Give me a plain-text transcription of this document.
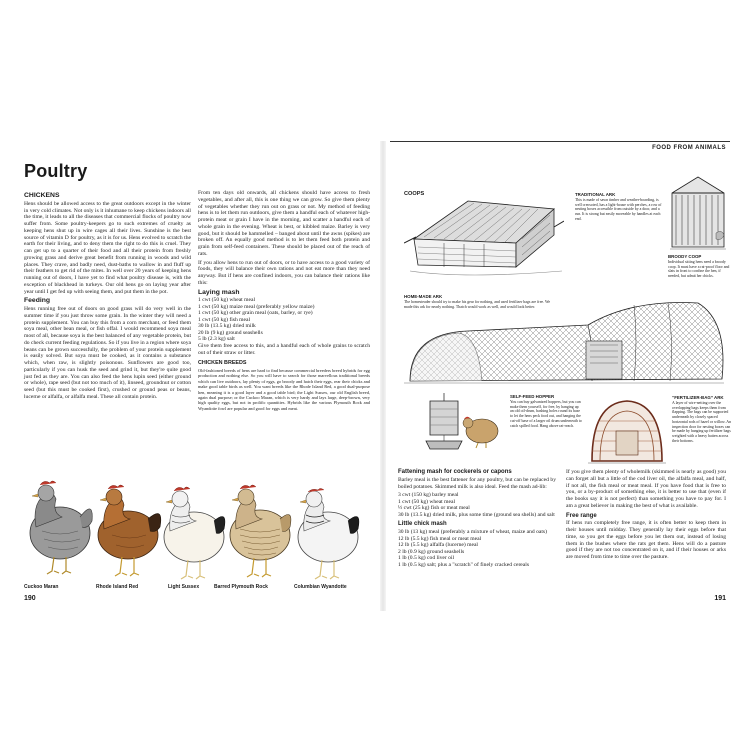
Poultry
CHICKENS

Hens should be allowed access to the great outdoors except in the winter in very cold climates. Not only is it inhumane to keep chickens indoors all the time, it leads to all the diseases that commercial flocks of poultry now suffer from. Some poultry-keepers go to such extremes of cruelty as keeping hens shut up in wire cages all their lives. Sunshine is the best source of vitamin D for poultry, as it is for us. Hens evolved to scratch the earth for their living, and to deny them the right to do this is cruel. They can get up to a quarter of their food and all their protein from freshly growing grass and derive great benefit from running in woods and wild places. They crave, and badly need, dust-baths to wallow in and fluff up their feathers to get rid of the mites. In well over 20 years of keeping hens running out of doors, I have yet to find what poultry disease is, with the exception of blackhead in turkeys. Our old hens go on laying year after year until I get fed up with seeing them, and put them in the pot.

Feeding

Hens running free out of doors on good grass will do very well in the summer time if you just throw some grain. In the winter they will need a protein supplement. You can buy this from a corn merchant, or feed them soya meal, other bean meal, or fish offal. I would recommend soya meal most of all, because soya is the best balanced of any vegetable protein, but do check current feeding regulations. So if you live in a region where soya beans can be grown successfully, the problem of your protein supplement is easily solved. But soya must be cooked, as it contains a substance which, when raw, is slightly poisonous. Sunflowers are good too, particularly if you can husk the seed and grind it, but they're quite good just fed as they are. You can also feed the hens lupin seed (either ground or whole), rape seed (but not too much of it), linseed, groundnut or cotton seed (but this must be cooked first), crushed or ground peas or beans, lucerne or alfalfa, or alfalfa meal. These all contain protein.

From ten days old onwards, all chickens should have access to fresh vegetables, and after all, this is one thing we can grow. So give them plenty of vegetables whether they run out on grass or not. My method of feeding hens is to let them run outdoors, give them a handful each of whatever high-protein meat or grain I have in the morning, and scatter a handful each of whole grain in the evening. Wheat is best, or kibbled maize. Barley is very good, but it should be hammelled – banged about until the awns (spikes) are broken off. An equally good method is to let them feed both protein and grain from self-feed containers. These should be placed out of the reach of rats.

If you allow hens to run out of doors, or to have access to a good variety of foods, they will balance their own rations and not eat more than they need anyway. But if hens are confined indoors, you can balance their rations like this:

Laying mash
1 cwt (50 kg) wheat meal
1 cwt (50 kg) maize meal (preferably yellow maize)
1 cwt (50 kg) other grain meal (oats, barley, or rye)
1 cwt (50 kg) fish meal
30 lb (13.5 kg) dried milk
20 lb (9 kg) ground seashells
5 lb (2.3 kg) salt

Give them free access to this, and a handful each of whole grains to scratch out of their straw or litter.

CHICKEN BREEDS

Old-fashioned breeds of hens are hard to find because commercial breeders breed hybrids for egg production and nothing else. So you will have to search for those marvellous traditional breeds which can live outdoors, lay plenty of eggs, go broody and hatch their eggs, rear their chicks and make good table birds as well. You want breeds like the Rhode Island Red, a good dual-purpose hen, meaning it is a good layer and a good table bird; the Light Sussex, our old English breed, again dual purpose; or the Cuckoo Maran, which is very hardy and lays large, deep-brown, very high quality eggs, but not in prolific quantities. Hybrids like the various Plymouth Rock and Wyandotte fowl are popular and good for eggs and meat.

Cuckoo Maran	Rhode Island Red	Light Sussex	Barred Plymouth Rock	Columbian Wyandotte
190
FOOD FROM ANIMALS
COOPS	TRADITIONAL ARK
This is made of sawn timber and weather-boarding, is well creosoted, has a light-house with perches, a row of nesting boxes accessible from outside by a door, and a run. It is strong but easily moveable by handles at each end.
BROODY COOP
Individual sitting hens need a broody coop. It must have a rat-proof floor and slats in front to confine the hen, if needed, but admit her chicks.
HOME-MADE ARK
The homesteader should try to make his gear for nothing, and used fertilizer bags are free. We made this ark for nearly nothing. Thatch would work as well, and would look better.
SELF-FEED HOPPER
You can buy galvanized hoppers, but you can make them yourself, for free, by hanging up an old oil-drum, bashing holes round its base to let the hens peck food out, and hanging the cut-off base of a larger oil drum underneath to catch spilled food. Hang above rat-reach.
“FERTILIZER-BAG” ARK
A layer of wire-netting over the overlapping bags keeps them from flapping. The bags can be supported underneath by closely spaced horizontal rods of hazel or willow. An inspection door for nesting boxes can be made by hanging up fertilizer bags weighted with a heavy batten across their bottoms.
Fattening mash for cockerels or capons

Barley meal is the best fattener for any poultry, but can be replaced by boiled potatoes. Skimmed milk is also ideal. Feed the mash ad-lib:

3 cwt (150 kg) barley meal
1 cwt (50 kg) wheat meal
½ cwt (25 kg) fish or meat meal
30 lb (13.5 kg) dried milk, plus some time (ground sea shells) and salt
Little chick mash
30 lb (13 kg) meal (preferably a mixture of wheat, maize and oats)
12 lb (5.5 kg) fish meal or meat meal
12 lb (5.5 kg) alfalfa (lucerne) meal
2 lb (0.9 kg) ground seashells
1 lb (0.5 kg) cod liver oil
1 lb (0.5 kg) salt; plus a "scratch" of finely cracked cereals

If you give them plenty of wholemilk (skimmed is nearly as good) you can forget all but a little of the cod liver oil, the alfalfa meal, and half, if not all, the fish meal or meat meal. If you have food that is free to you, or a by-product of something else, it is better to use that (even if the books say it is not perfect) than something you have to pay for. I am a great believer in making the best of what is available.

Free range

If hens run completely free range, it is often better to keep them in their houses until midday. They generally lay their eggs before that time, so you get the eggs before you let them out, instead of losing them in the bushes where the rats get them. Hens will do a pasture good if they are not too concentrated on it, and if their houses or arks are moved from time to time over the pasture.

191
